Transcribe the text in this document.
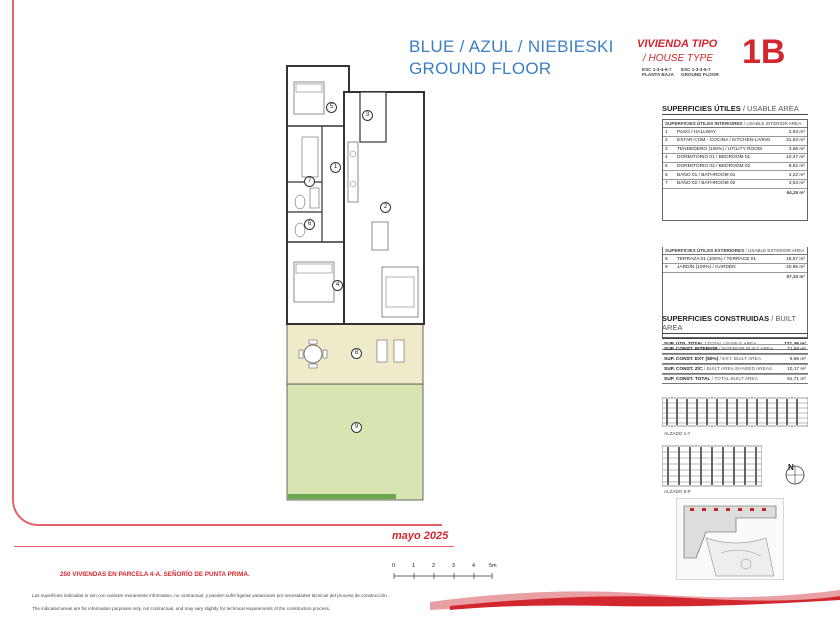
BLUE / AZUL / NIEBIESKI
GROUND FLOOR
VIVIENDA TIPO
/ HOUSE TYPE 1B
ESC 1-3-4-6-7
PLANTA BAJA
ESC 1-3-4-6-7
GROUND FLOOR
SUPERFICIES ÚTILES / USABLE AREA
SUPERFICIES ÚTILES INTERIORES / USABLE INTERIOR AREA
1	PASO / HALLWAY	2,93 m²
2	ESTAR-COM.- COCINA / KITCHEN-LIVING	31,53 m²
3	TENDEDERO (100%) / UTILITY ROOM	3,66 m²
4	DORMITORIO 01 / BEDROOM 01	10,47 m²
5	DORMITORIO 02 / BEDROOM 02	9,92 m²
6	BAÑO 01 / BATHROOM 01	3,22 m²
7	BAÑO 02 / BATHROOM 02	3,53 m²
64,26 m²
SUPERFICIES ÚTILES EXTERIORES / USABLE EXTERIOR AREA
8	TERRAZA 01 (100%) / TERRACE 01	16,57 m²
9	JARDÍN (100%) / GARDEN	40,86 m²
57,33 m²
SUP. ÚTIL TOTAL / TOTAL USABLE AREA	121,49 m²
SUPERFICIES CONSTRUIDAS / BUILT AREA
SUP. CONST. INTERIOR / INTERIOR BUILT AREA	71,59 m²
SUP. CONST. EXT (50%) / EXT. BUILT AREA	9,96 m²
SUP. CONST. Z/C / BUILT AREA SHARED AREAS	10,17 m²
SUP. CONST. TOTAL / TOTAL BUILT AREA	91,71 m²
ALZADO 1-7
ALZADO 8-P
N
1
2
3
4
5
6
7
8
9
mayo 2025
250 VIVIENDAS EN PARCELA 4-A. SEÑORÍO DE PUNTA PRIMA.
0	1	2	3	4	5m
Las superficies indicadas lo son con carácter meramente informativo, no contractual, y pueden sufrir ligeras variaciones por necesidades técnicas del proceso de construcción.
The indicated areas are for information purposes only, not contractual, and may vary slightly for technical requirements of the construction process.
